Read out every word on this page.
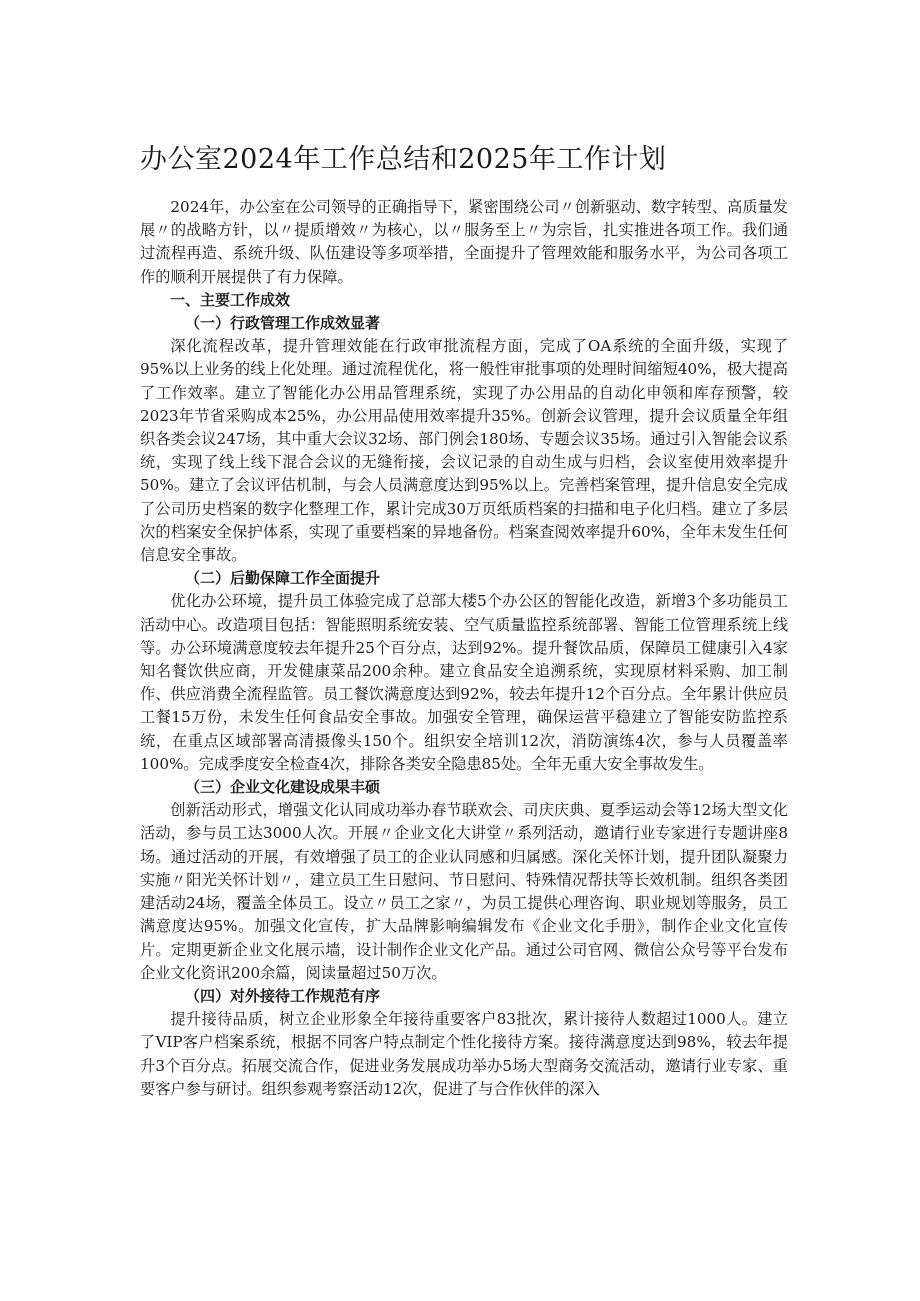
办公室2024年工作总结和2025年工作计划

2024年，办公室在公司领导的正确指导下，紧密围绕公司〃创新驱动、数字转型、高质量发展〃的战略方针，以〃提质增效〃为核心，以〃服务至上〃为宗旨，扎实推进各项工作。我们通过流程再造、系统升级、队伍建设等多项举措，全面提升了管理效能和服务水平，为公司各项工作的顺利开展提供了有力保障。

一、主要工作成效
（一）行政管理工作成效显著

深化流程改革，提升管理效能在行政审批流程方面，完成了OA系统的全面升级，实现了95%以上业务的线上化处理。通过流程优化，将一般性审批事项的处理时间缩短40%，极大提高了工作效率。建立了智能化办公用品管理系统，实现了办公用品的自动化申领和库存预警，较2023年节省采购成本25%，办公用品使用效率提升35%。创新会议管理，提升会议质量全年组织各类会议247场，其中重大会议32场、部门例会180场、专题会议35场。通过引入智能会议系统，实现了线上线下混合会议的无缝衔接，会议记录的自动生成与归档，会议室使用效率提升50%。建立了会议评估机制，与会人员满意度达到95%以上。完善档案管理，提升信息安全完成了公司历史档案的数字化整理工作，累计完成30万页纸质档案的扫描和电子化归档。建立了多层次的档案安全保护体系，实现了重要档案的异地备份。档案查阅效率提升60%，全年未发生任何信息安全事故。

（二）后勤保障工作全面提升

优化办公环境，提升员工体验完成了总部大楼5个办公区的智能化改造，新增3个多功能员工活动中心。改造项目包括：智能照明系统安装、空气质量监控系统部署、智能工位管理系统上线等。办公环境满意度较去年提升25个百分点，达到92%。提升餐饮品质，保障员工健康引入4家知名餐饮供应商，开发健康菜品200余种。建立食品安全追溯系统，实现原材料采购、加工制作、供应消费全流程监管。员工餐饮满意度达到92%，较去年提升12个百分点。全年累计供应员工餐15万份，未发生任何食品安全事故。加强安全管理，确保运营平稳建立了智能安防监控系统，在重点区域部署高清摄像头150个。组织安全培训12次，消防演练4次，参与人员覆盖率100%。完成季度安全检查4次，排除各类安全隐患85处。全年无重大安全事故发生。

（三）企业文化建设成果丰硕

创新活动形式，增强文化认同成功举办春节联欢会、司庆庆典、夏季运动会等12场大型文化活动，参与员工达3000人次。开展〃企业文化大讲堂〃系列活动，邀请行业专家进行专题讲座8场。通过活动的开展，有效增强了员工的企业认同感和归属感。深化关怀计划，提升团队凝聚力实施〃阳光关怀计划〃，建立员工生日慰问、节日慰问、特殊情况帮扶等长效机制。组织各类团建活动24场，覆盖全体员工。设立〃员工之家〃，为员工提供心理咨询、职业规划等服务，员工满意度达95%。加强文化宣传，扩大品牌影响编辑发布《企业文化手册》，制作企业文化宣传片。定期更新企业文化展示墙，设计制作企业文化产品。通过公司官网、微信公众号等平台发布企业文化资讯200余篇，阅读量超过50万次。

（四）对外接待工作规范有序

提升接待品质，树立企业形象全年接待重要客户83批次，累计接待人数超过1000人。建立了VIP客户档案系统，根据不同客户特点制定个性化接待方案。接待满意度达到98%，较去年提升3个百分点。拓展交流合作，促进业务发展成功举办5场大型商务交流活动，邀请行业专家、重要客户参与研讨。组织参观考察活动12次，促进了与合作伙伴的深入
